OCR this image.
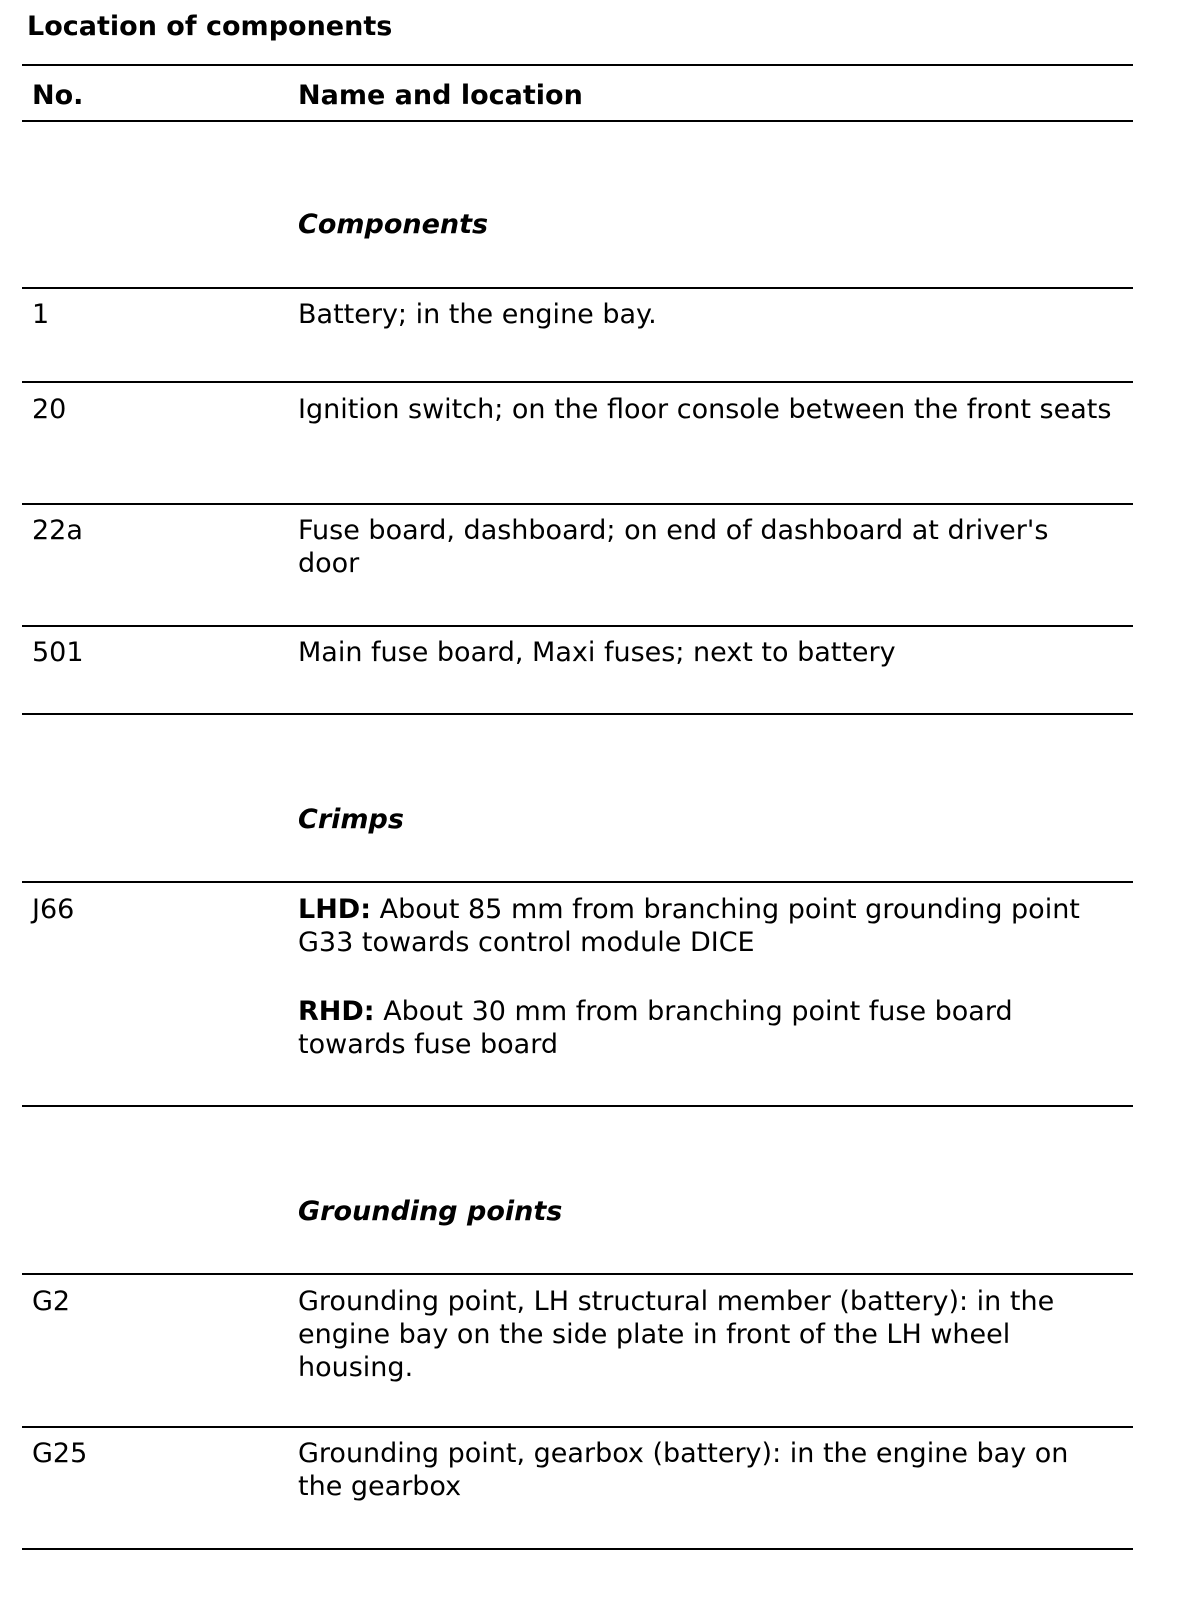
Location of components
No.	Name and location
Components
1	Battery; in the engine bay.
20	Ignition switch; on the floor console between the front seats
22a	Fuse board, dashboard; on end of dashboard at driver's door
501	Main fuse board, Maxi fuses; next to battery
Crimps
J66	LHD: About 85 mm from branching point grounding point G33 towards control module DICE

RHD: About 30 mm from branching point fuse board towards fuse board

Grounding points
G2	Grounding point, LH structural member (battery): in the engine bay on the side plate in front of the LH wheel housing.
G25	Grounding point, gearbox (battery): in the engine bay on the gearbox
